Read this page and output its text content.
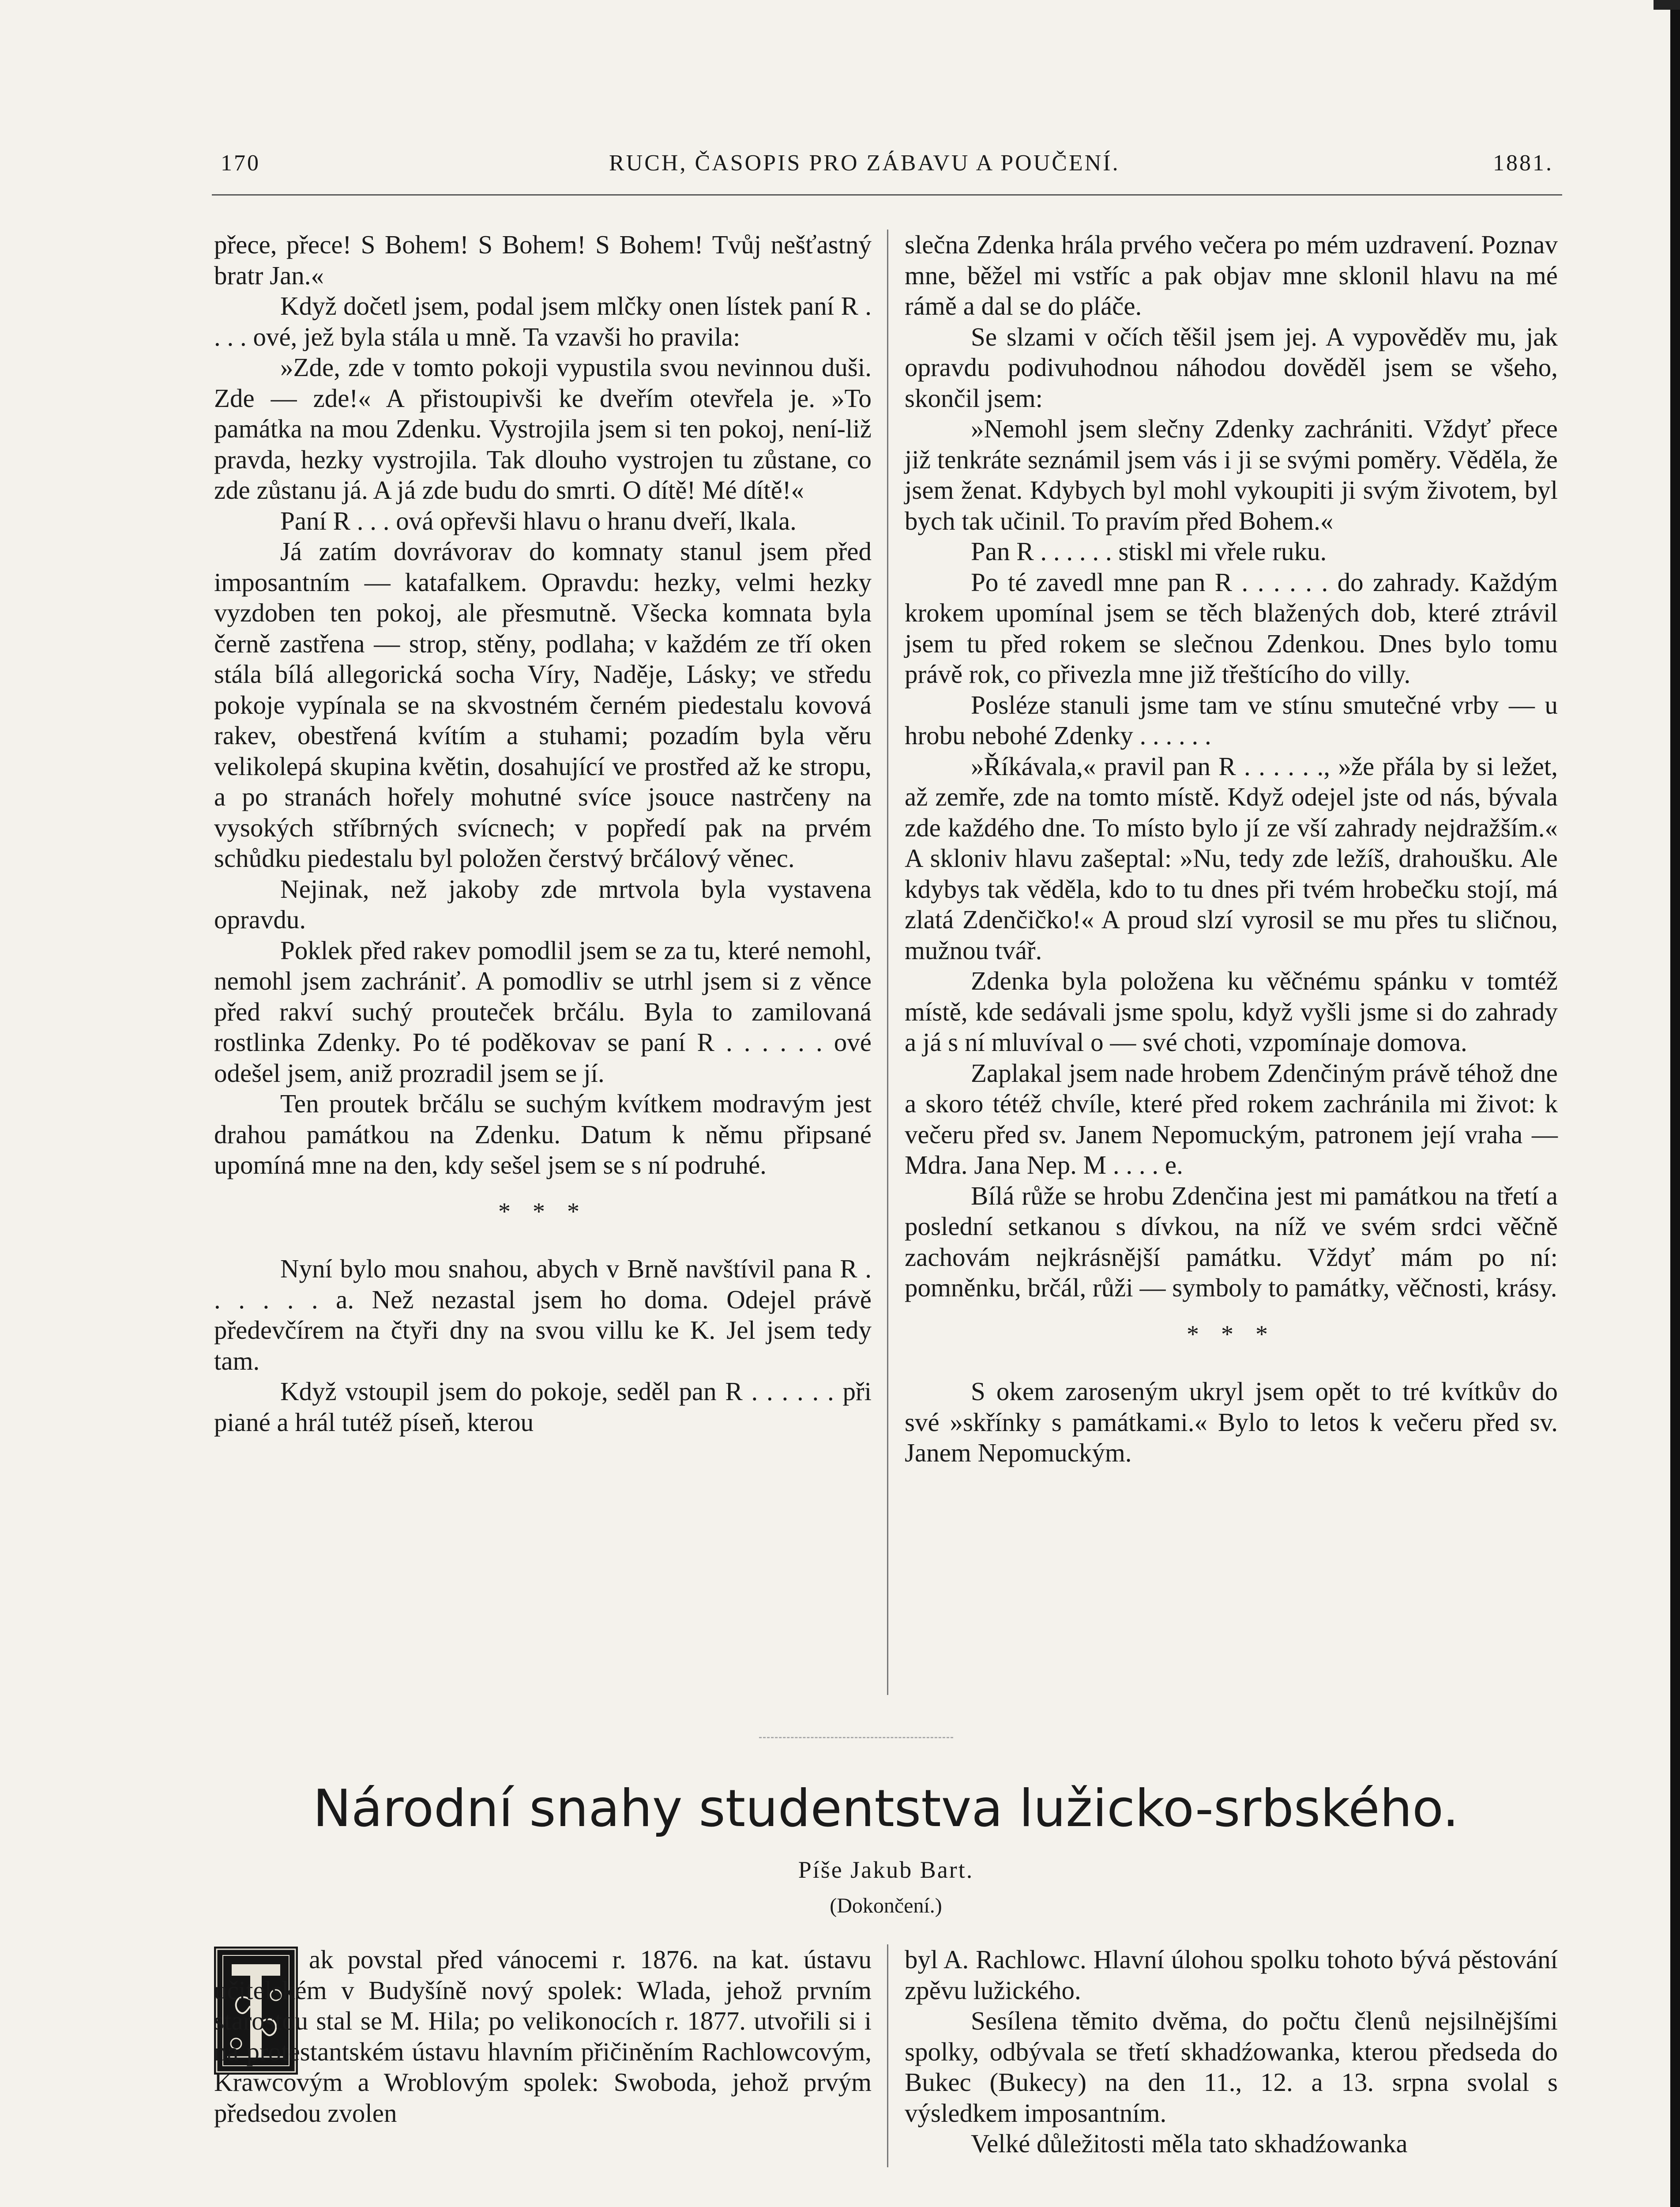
170	RUCH, ČASOPIS PRO ZÁBAVU A POUČENÍ.	1881.

přece, přece! S Bohem! S Bohem! S Bohem! Tvůj nešťastný bratr Jan.«

Když dočetl jsem, podal jsem mlčky onen lístek paní R . . . . ové, jež byla stála u mně. Ta vzavši ho pravila:

»Zde, zde v tomto pokoji vypustila svou nevinnou duši. Zde — zde!« A přistoupivši ke dveřím otevřela je. »To památka na mou Zdenku. Vystrojila jsem si ten pokoj, není-liž pravda, hezky vystrojila. Tak dlouho vystrojen tu zůstane, co zde zůstanu já. A já zde budu do smrti. O dítě! Mé dítě!«

Paní R . . . ová opřevši hlavu o hranu dveří, lkala.

Já zatím dovrávorav do komnaty stanul jsem před imposantním — katafalkem. Opravdu: hezky, velmi hezky vyzdoben ten pokoj, ale přesmutně. Všecka komnata byla černě zastřena — strop, stěny, podlaha; v každém ze tří oken stála bílá allegorická socha Víry, Naděje, Lásky; ve středu pokoje vypínala se na skvostném černém piedestalu kovová rakev, obestřená kvítím a stuhami; pozadím byla věru velikolepá skupina květin, dosahující ve prostřed až ke stropu, a po stranách hořely mohutné svíce jsouce nastrčeny na vysokých stříbrných svícnech; v popředí pak na prvém schůdku piedestalu byl položen čerstvý brčálový věnec.

Nejinak, než jakoby zde mrtvola byla vystavena opravdu.

Poklek před rakev pomodlil jsem se za tu, které nemohl, nemohl jsem zachrániť. A pomodliv se utrhl jsem si z věnce před rakví suchý prouteček brčálu. Byla to zamilovaná rostlinka Zdenky. Po té poděkovav se paní R . . . . . . ové odešel jsem, aniž prozradil jsem se jí.

Ten proutek brčálu se suchým kvítkem modravým jest drahou památkou na Zdenku. Datum k němu připsané upomíná mne na den, kdy sešel jsem se s ní podruhé.

* * *

Nyní bylo mou snahou, abych v Brně navštívil pana R . . . . . . a. Než nezastal jsem ho doma. Odejel právě předevčírem na čtyři dny na svou villu ke K. Jel jsem tedy tam.

Když vstoupil jsem do pokoje, seděl pan R . . . . . . při piané a hrál tutéž píseň, kterou

slečna Zdenka hrála prvého večera po mém uzdravení. Poznav mne, běžel mi vstříc a pak objav mne sklonil hlavu na mé rámě a dal se do pláče.

Se slzami v očích těšil jsem jej. A vypověděv mu, jak opravdu podivuhodnou náhodou dověděl jsem se všeho, skončil jsem:

»Nemohl jsem slečny Zdenky zachrániti. Vždyť přece již tenkráte seznámil jsem vás i ji se svými poměry. Věděla, že jsem ženat. Kdybych byl mohl vykoupiti ji svým životem, byl bych tak učinil. To pravím před Bohem.«

Pan R . . . . . . stiskl mi vřele ruku.

Po té zavedl mne pan R . . . . . . do zahrady. Každým krokem upomínal jsem se těch blažených dob, které ztrávil jsem tu před rokem se slečnou Zdenkou. Dnes bylo tomu právě rok, co přivezla mne již třeštícího do villy.

Posléze stanuli jsme tam ve stínu smutečné vrby — u hrobu nebohé Zdenky . . . . . .

»Říkávala,« pravil pan R . . . . . ., »že přála by si ležet, až zemře, zde na tomto místě. Když odejel jste od nás, bývala zde každého dne. To místo bylo jí ze vší zahrady nejdražším.« A skloniv hlavu zašeptal: »Nu, tedy zde ležíš, drahoušku. Ale kdybys tak věděla, kdo to tu dnes při tvém hrobečku stojí, má zlatá Zdenčičko!« A proud slzí vyrosil se mu přes tu sličnou, mužnou tvář.

Zdenka byla položena ku věčnému spánku v tomtéž místě, kde sedávali jsme spolu, když vyšli jsme si do zahrady a já s ní mluvíval o — své choti, vzpomínaje domova.

Zaplakal jsem nade hrobem Zdenčiným právě téhož dne a skoro tétéž chvíle, které před rokem zachránila mi život: k večeru před sv. Janem Nepomuckým, patronem její vraha — Mdra. Jana Nep. M . . . . e.

Bílá růže se hrobu Zdenčina jest mi památkou na třetí a poslední setkanou s dívkou, na níž ve svém srdci věčně zachovám nejkrásnější památku. Vždyť mám po ní: pomněnku, brčál, růži — symboly to památky, věčnosti, krásy.

* * *

S okem zaroseným ukryl jsem opět to tré kvítkův do své »skřínky s památkami.« Bylo to letos k večeru před sv. Janem Nepomuckým.

Národní snahy studentstva lužicko-srbského.
Píše Jakub Bart.
(Dokončení.)

ak povstal před vánocemi r. 1876. na kat. ústavu učitelském v Budyšíně nový spolek: Wlada, jehož prvním starostou stal se M. Hila; po velikonocích r. 1877. utvořili si i na protestantském ústavu hlavním přičiněním Rachlowcovým, Krawcovým a Wroblovým spolek: Swoboda, jehož prvým předsedou zvolen

byl A. Rachlowc. Hlavní úlohou spolku tohoto bývá pěstování zpěvu lužického.

Sesílena těmito dvěma, do počtu členů nejsilnějšími spolky, odbývala se třetí skhadźowanka, kterou předseda do Bukec (Bukecy) na den 11., 12. a 13. srpna svolal s výsledkem imposantním.

Velké důležitosti měla tato skhadźowanka
